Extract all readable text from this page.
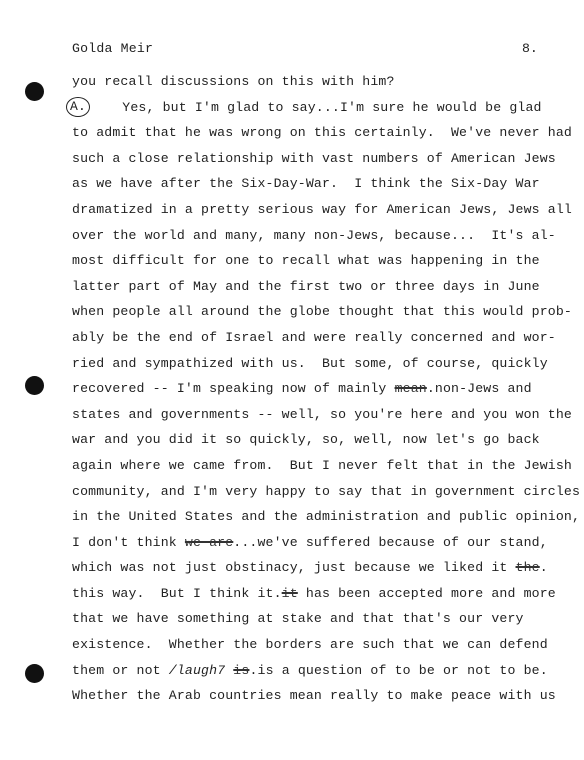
Golda Meir	8.
you recall discussions on this with him?
A.    Yes, but I'm glad to say...I'm sure he would be glad
to admit that he was wrong on this certainly.  We've never had
such a close relationship with vast numbers of American Jews
as we have after the Six-Day-War.  I think the Six-Day War
dramatized in a pretty serious way for American Jews, Jews all
over the world and many, many non-Jews, because...  It's al-
most difficult for one to recall what was happening in the
latter part of May and the first two or three days in June
when people all around the globe thought that this would prob-
ably be the end of Israel and were really concerned and wor-
ried and sympathized with us.  But some, of course, quickly
recovered -- I'm speaking now of mainly mean.non-Jews and
states and governments -- well, so you're here and you won the
war and you did it so quickly, so, well, now let's go back
again where we came from.  But I never felt that in the Jewish
community, and I'm very happy to say that in government circles
in the United States and the administration and public opinion,
I don't think we are...we've suffered because of our stand,
which was not just obstinacy, just because we liked it the.
this way.  But I think it.it has been accepted more and more
that we have something at stake and that that's our very
existence.  Whether the borders are such that we can defend
them or not /laugh7 is.is a question of to be or not to be.
Whether the Arab countries mean really to make peace with us
